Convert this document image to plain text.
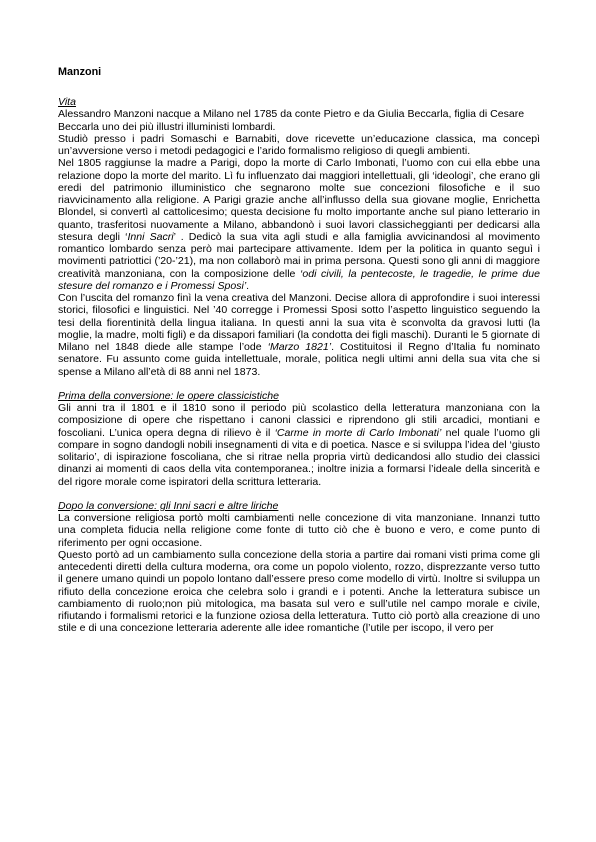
Manzoni
Vita

Alessandro Manzoni nacque a Milano nel 1785 da conte Pietro e da Giulia Beccarla, figlia di Cesare Beccarla uno dei più illustri illuministi lombardi.

Studiò presso i padri Somaschi e Barnabiti, dove ricevette un’educazione classica, ma concepì un’avversione verso i metodi pedagogici e l’arido formalismo religioso di quegli ambienti.

Nel 1805 raggiunse la madre a Parigi, dopo la morte di Carlo Imbonati, l’uomo con cui ella ebbe una relazione dopo la morte del marito. Lì fu influenzato dai maggiori intellettuali, gli ‘ideologi’, che erano gli eredi del patrimonio illuministico che segnarono molte sue concezioni filosofiche e il suo riavvicinamento alla religione. A Parigi grazie anche all’influsso della sua giovane moglie, Enrichetta Blondel, si convertì al cattolicesimo; questa decisione fu molto importante anche sul piano letterario in quanto, trasferitosi nuovamente a Milano, abbandonò i suoi lavori classicheggianti per dedicarsi alla stesura degli ‘Inni Sacri’ . Dedicò la sua vita agli studi e alla famiglia avvicinandosi al movimento romantico lombardo senza però mai partecipare attivamente. Idem per la politica in quanto seguì i movimenti patriottici (’20-’21), ma non collaborò mai in prima persona. Questi sono gli anni di maggiore creatività manzoniana, con la composizione delle ‘odi civili, la pentecoste, le tragedie, le prime due stesure del romanzo e i Promessi Sposi’.

Con l’uscita del romanzo finì la vena creativa del Manzoni. Decise allora di approfondire i suoi interessi storici, filosofici e linguistici. Nel ’40 corregge i Promessi Sposi sotto l’aspetto linguistico seguendo la tesi della fiorentinità della lingua italiana. In questi anni la sua vita è sconvolta da gravosi lutti (la moglie, la madre, molti figli) e da dissapori familiari (la condotta dei figli maschi). Duranti le 5 giornate di Milano nel 1848 diede alle stampe l’ode ‘Marzo 1821’. Costituitosi il Regno d’Italia fu nominato senatore. Fu assunto come guida intellettuale, morale, politica negli ultimi anni della sua vita che si spense a Milano all’età di 88 anni nel 1873.

Prima della conversione: le opere classicistiche

Gli anni tra il 1801 e il 1810 sono il periodo più scolastico della letteratura manzoniana con la composizione di opere che rispettano i canoni classici e riprendono gli stili arcadici, montiani e foscoliani. L’unica opera degna di rilievo è il ‘Carme in morte di Carlo Imbonati’ nel quale l’uomo gli compare in sogno dandogli nobili insegnamenti di vita e di poetica. Nasce e si sviluppa l’idea del ‘giusto solitario’, di ispirazione foscoliana, che si ritrae nella propria virtù dedicandosi allo studio dei classici dinanzi ai momenti di caos della vita contemporanea.; inoltre inizia a formarsi l’ideale della sincerità e del rigore morale come ispiratori della scrittura letteraria.

Dopo la conversione: gli Inni sacri e altre liriche

La conversione religiosa portò molti cambiamenti nelle concezione di vita manzoniane. Innanzi tutto una completa fiducia nella religione come fonte di tutto ciò che è buono e vero, e come punto di riferimento per ogni occasione.

Questo portò ad un cambiamento sulla concezione della storia a partire dai romani visti prima come gli antecedenti diretti della cultura moderna, ora come un popolo violento, rozzo, disprezzante verso tutto il genere umano quindi un popolo lontano dall’essere preso come modello di virtù. Inoltre si sviluppa un rifiuto della concezione eroica che celebra solo i grandi e i potenti. Anche la letteratura subisce un cambiamento di ruolo;non più mitologica, ma basata sul vero e sull’utile nel campo morale e civile, rifiutando i formalismi retorici e la funzione oziosa della letteratura. Tutto ciò portò alla creazione di uno stile e di una concezione letteraria aderente alle idee romantiche (l’utile per iscopo, il vero per
